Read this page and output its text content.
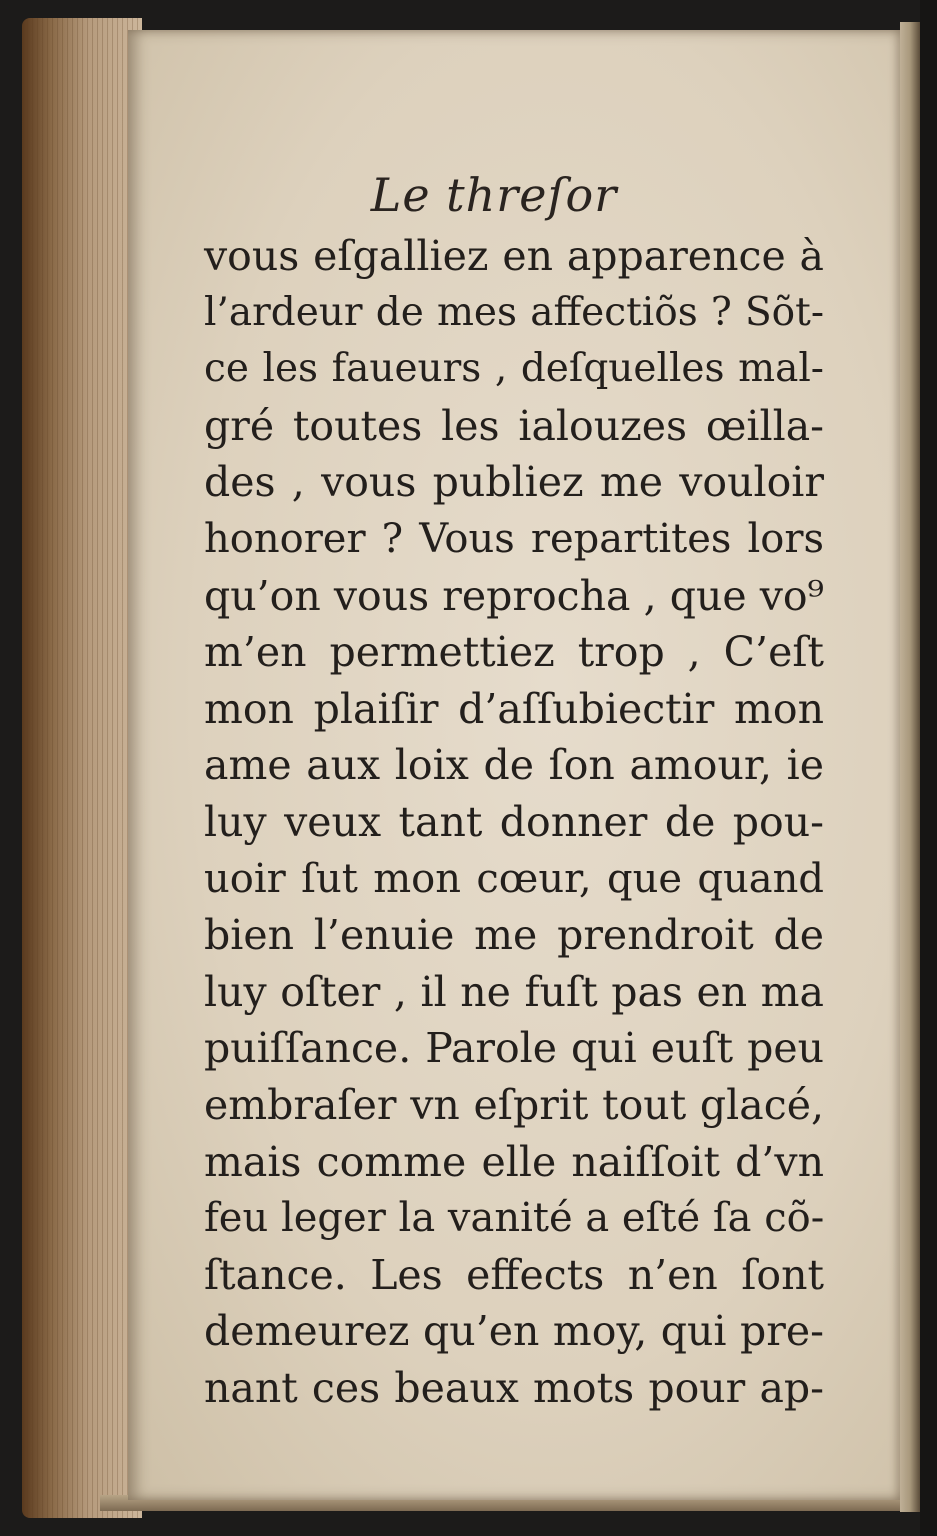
Le threſor
vous eſgalliez en apparence à
l’ardeur de mes affectiõs ? Sõt-
ce les faueurs , deſquelles mal-
gré toutes les ialouzes œilla-
des , vous publiez me vouloir
honorer ? Vous repartites lors
qu’on vous reprocha , que vo⁹
m’en permettiez trop , C’eſt
mon plaiſir d’aſſubiectir mon
ame aux loix de ſon amour, ie
luy veux tant donner de pou-
uoir ſut mon cœur, que quand
bien l’enuie me prendroit de
luy oſter , il ne fuſt pas en ma
puiſſance. Parole qui euſt peu
embraſer vn eſprit tout glacé,
mais comme elle naiſſoit d’vn
feu leger la vanité a eſté ſa cõ-
ſtance. Les effects n’en ſont
demeurez qu’en moy, qui pre-
nant ces beaux mots pour ap-
